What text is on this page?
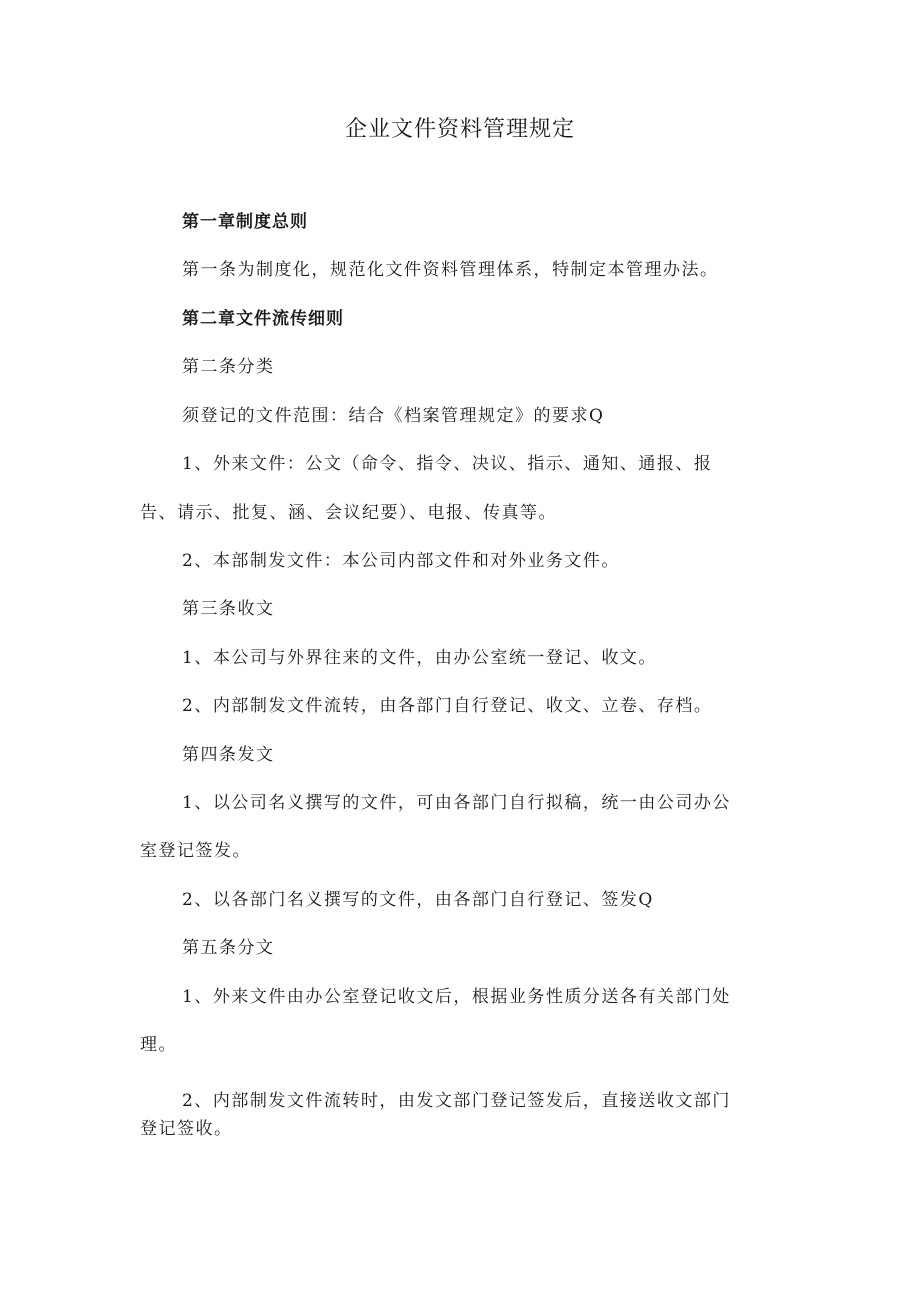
企业文件资料管理规定
第一章制度总则
第一条为制度化，规范化文件资料管理体系，特制定本管理办法。
第二章文件流传细则
第二条分类
须登记的文件范围：结合《档案管理规定》的要求Q
1、外来文件：公文（命令、指令、决议、指示、通知、通报、报
告、请示、批复、涵、会议纪要）、电报、传真等。
2、本部制发文件：本公司内部文件和对外业务文件。
第三条收文
1、本公司与外界往来的文件，由办公室统一登记、收文。
2、内部制发文件流转，由各部门自行登记、收文、立卷、存档。
第四条发文
1、以公司名义撰写的文件，可由各部门自行拟稿，统一由公司办公
室登记签发。
2、以各部门名义撰写的文件，由各部门自行登记、签发Q
第五条分文
1、外来文件由办公室登记收文后，根据业务性质分送各有关部门处
理。
2、内部制发文件流转时，由发文部门登记签发后，直接送收文部门
登记签收。
